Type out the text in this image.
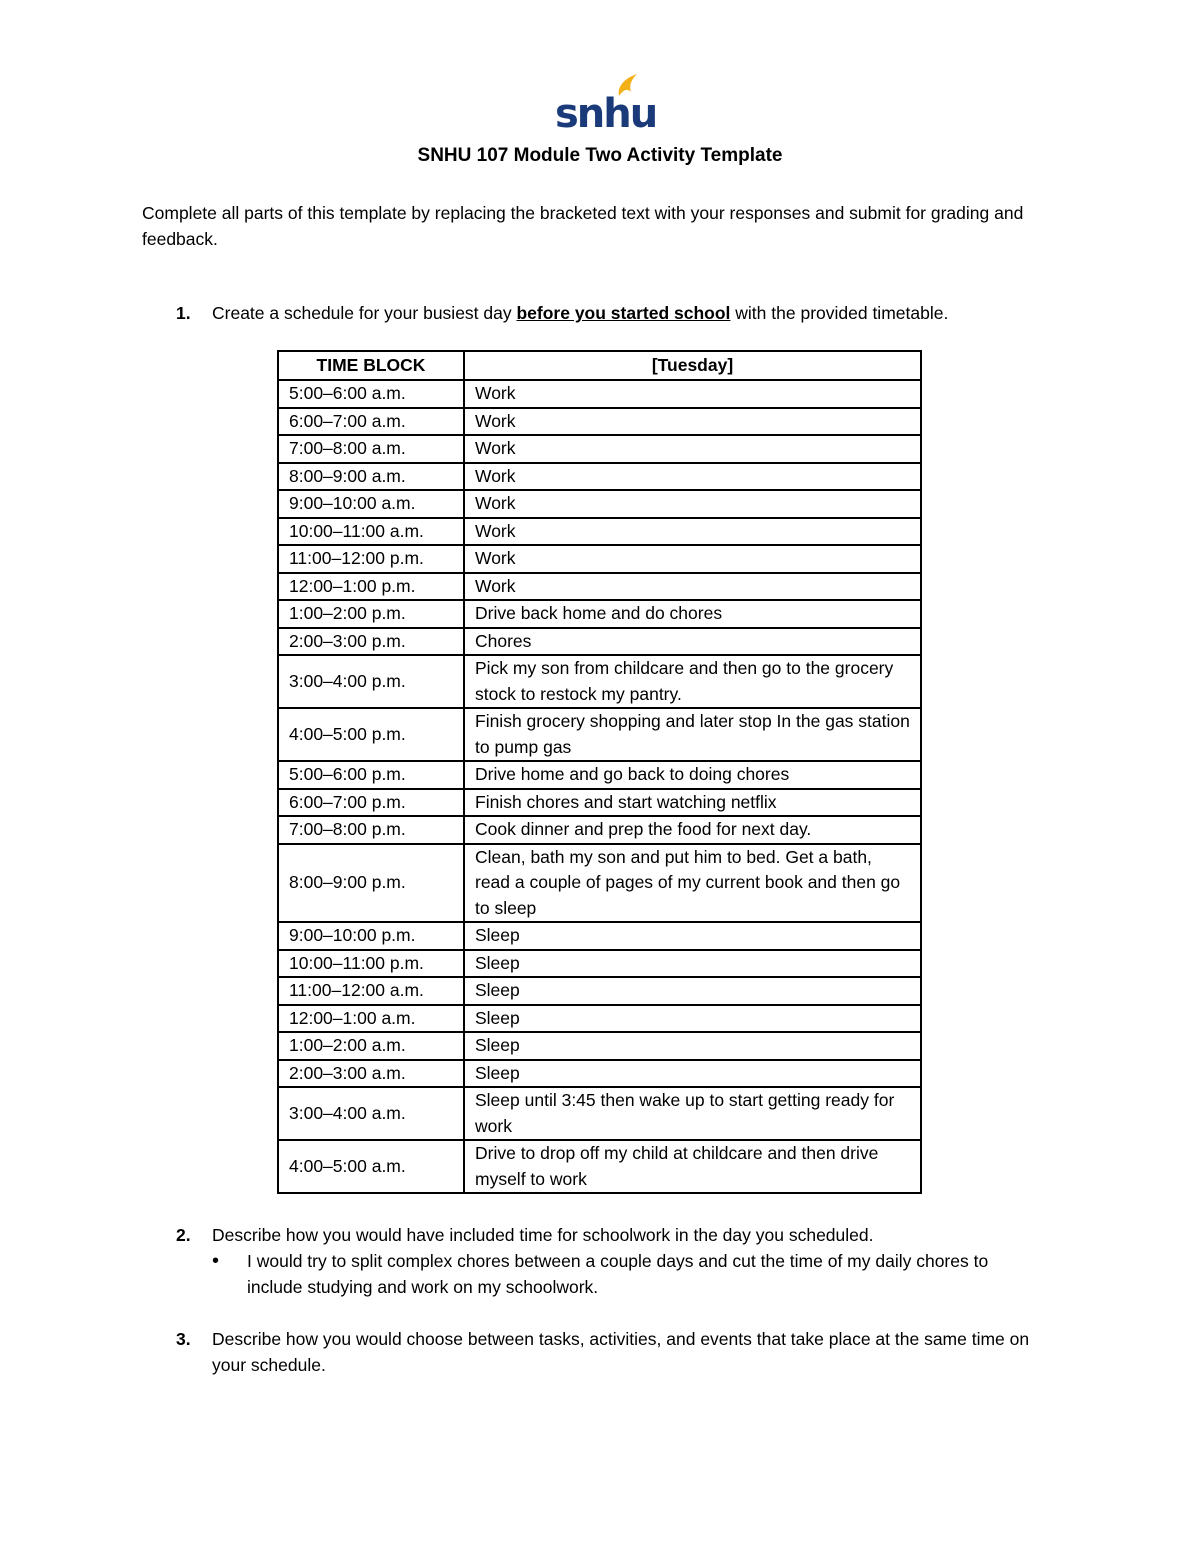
snhu
SNHU 107 Module Two Activity Template
Complete all parts of this template by replacing the bracketed text with your responses and submit for grading and feedback.
1. Create a schedule for your busiest day before you started school with the provided timetable.
TIME BLOCK	[Tuesday]
5:00–6:00 a.m.	Work
6:00–7:00 a.m.	Work
7:00–8:00 a.m.	Work
8:00–9:00 a.m.	Work
9:00–10:00 a.m.	Work
10:00–11:00 a.m.	Work
11:00–12:00 p.m.	Work
12:00–1:00 p.m.	Work
1:00–2:00 p.m.	Drive back home and do chores
2:00–3:00 p.m.	Chores
3:00–4:00 p.m.	Pick my son from childcare and then go to the grocery stock to restock my pantry.
4:00–5:00 p.m.	Finish grocery shopping and later stop In the gas station to pump gas
5:00–6:00 p.m.	Drive home and go back to doing chores
6:00–7:00 p.m.	Finish chores and start watching netflix
7:00–8:00 p.m.	Cook dinner and prep the food for next day.
8:00–9:00 p.m.	Clean, bath my son and put him to bed. Get a bath, read a couple of pages of my current book and then go to sleep
9:00–10:00 p.m.	Sleep
10:00–11:00 p.m.	Sleep
11:00–12:00 a.m.	Sleep
12:00–1:00 a.m.	Sleep
1:00–2:00 a.m.	Sleep
2:00–3:00 a.m.	Sleep
3:00–4:00 a.m.	Sleep until 3:45 then wake up to start getting ready for work
4:00–5:00 a.m.	Drive to drop off my child at childcare and then drive myself to work
2. Describe how you would have included time for schoolwork in the day you scheduled.
• I would try to split complex chores between a couple days and cut the time of my daily chores to include studying and work on my schoolwork.
3. Describe how you would choose between tasks, activities, and events that take place at the same time on your schedule.
